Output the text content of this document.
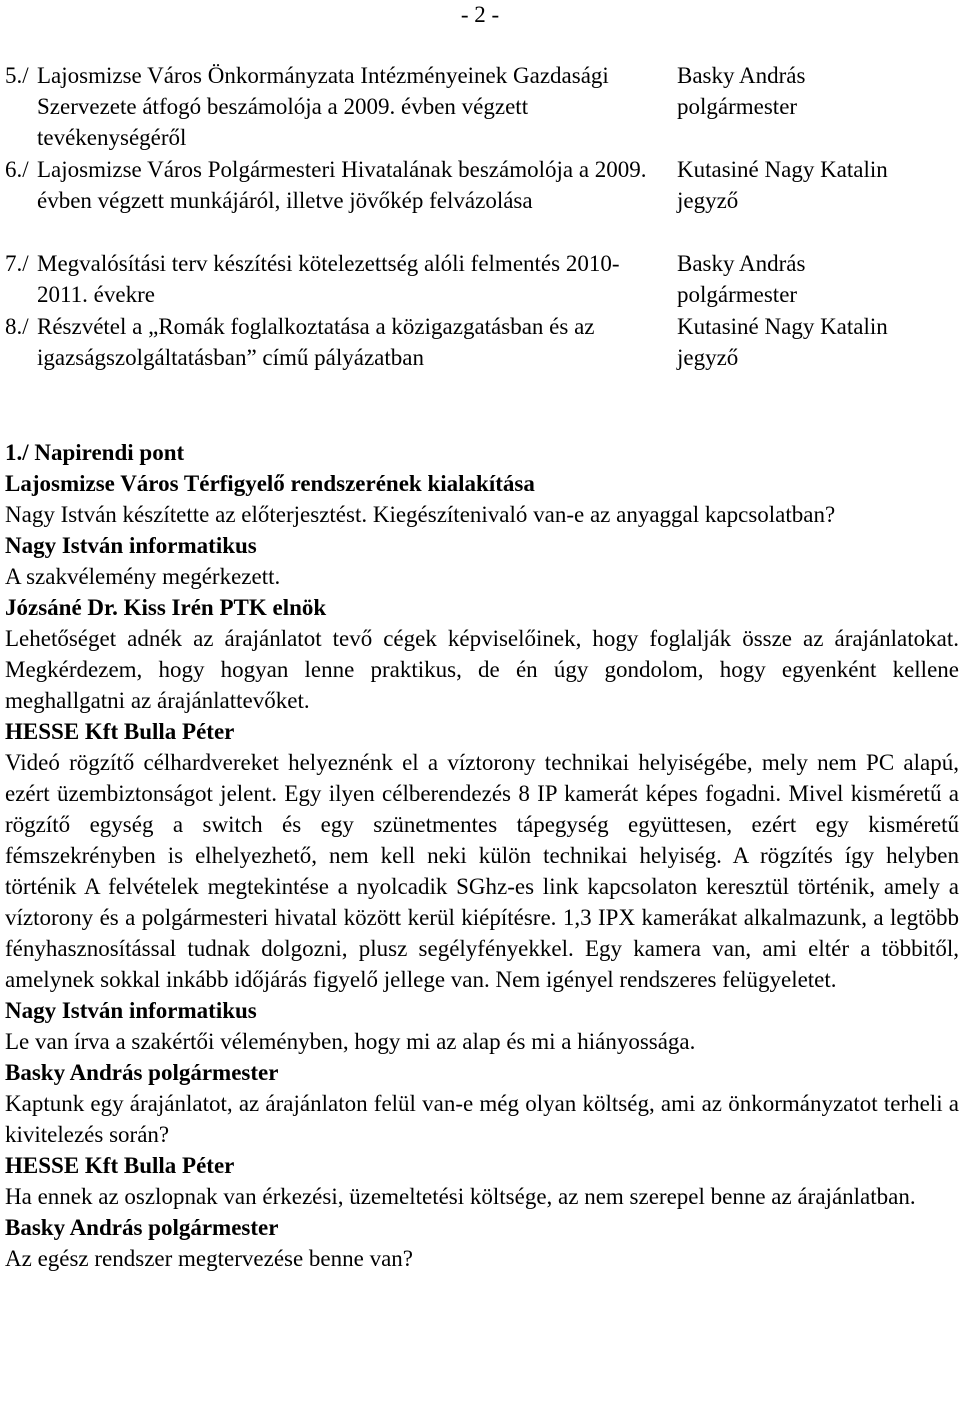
- 2 -
5./ Lajosmizse Város Önkormányzata Intézményeinek Gazdasági Szervezete átfogó beszámolója a 2009. évben végzett tevékenységéről
Basky András
polgármester
6./ Lajosmizse Város Polgármesteri Hivatalának beszámolója a 2009. évben végzett munkájáról, illetve jövőkép felvázolása
Kutasiné Nagy Katalin
jegyző
7./ Megvalósítási terv készítési kötelezettség alóli felmentés 2010-2011. évekre
Basky András
polgármester
8./ Részvétel a „Romák foglalkoztatása a közigazgatásban és az igazságszolgáltatásban” című pályázatban
Kutasiné Nagy Katalin
jegyző

1./ Napirendi pont

Lajosmizse Város Térfigyelő rendszerének kialakítása

Nagy István készítette az előterjesztést. Kiegészítenivaló van-e az anyaggal kapcsolatban?

Nagy István informatikus

A szakvélemény megérkezett.

Józsáné Dr. Kiss Irén PTK elnök

Lehetőséget adnék az árajánlatot tevő cégek képviselőinek, hogy foglalják össze az árajánlatokat. Megkérdezem, hogy hogyan lenne praktikus, de én úgy gondolom, hogy egyenként kellene meghallgatni az árajánlattevőket.

HESSE Kft Bulla Péter

Videó rögzítő célhardvereket helyeznénk el a víztorony technikai helyiségébe, mely nem PC alapú, ezért üzembiztonságot jelent. Egy ilyen célberendezés 8 IP kamerát képes fogadni. Mivel kisméretű a rögzítő egység a switch és egy szünetmentes tápegység együttesen, ezért egy kisméretű fémszekrényben is elhelyezhető, nem kell neki külön technikai helyiség. A rögzítés így helyben történik A felvételek megtekintése a nyolcadik SGhz-es link kapcsolaton keresztül történik, amely a víztorony és a polgármesteri hivatal között kerül kiépítésre. 1,3 IPX kamerákat alkalmazunk, a legtöbb fényhasznosítással tudnak dolgozni, plusz segélyfényekkel. Egy kamera van, ami eltér a többitől, amelynek sokkal inkább időjárás figyelő jellege van. Nem igényel rendszeres felügyeletet.

Nagy István informatikus

Le van írva a szakértői véleményben, hogy mi az alap és mi a hiányossága.

Basky András polgármester

Kaptunk egy árajánlatot, az árajánlaton felül van-e még olyan költség, ami az önkormányzatot terheli a kivitelezés során?

HESSE Kft Bulla Péter

Ha ennek az oszlopnak van érkezési, üzemeltetési költsége, az nem szerepel benne az árajánlatban.

Basky András polgármester

Az egész rendszer megtervezése benne van?
